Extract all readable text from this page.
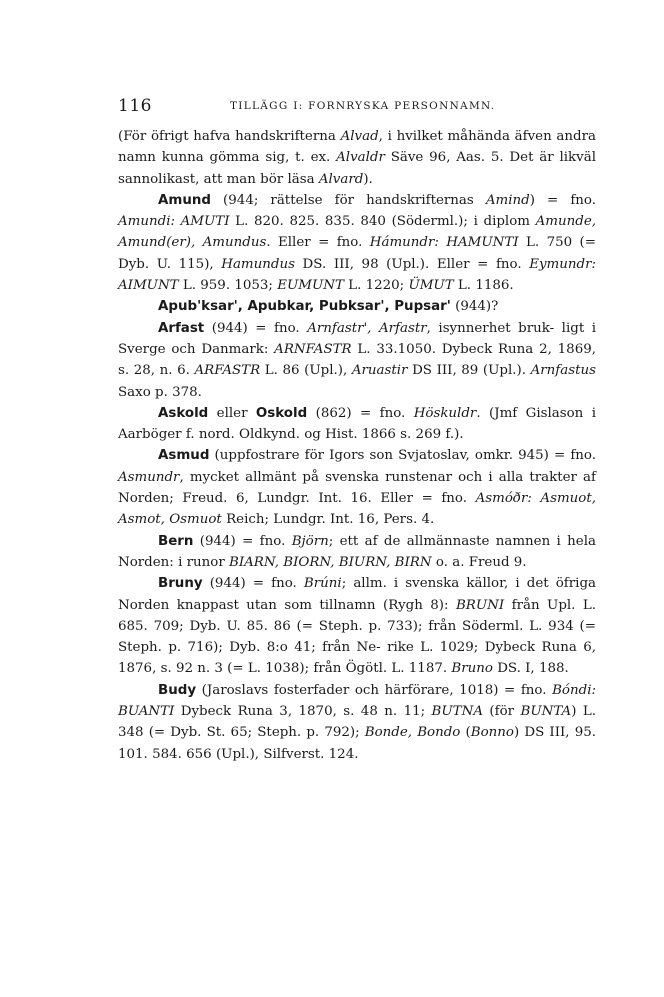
116	TILLÄGG I: FORNRYSKA PERSONNAMN.

(För öfrigt hafva handskrifterna Alvad, i hvilket måhända äfven andra namn kunna gömma sig, t. ex. Alvaldr Säve 96, Aas. 5. Det är likväl sannolikast, att man bör läsa Alvard).

Amund (944; rättelse för handskrifternas Amind) = fno. Amundi: AMUTI L. 820. 825. 835. 840 (Söderml.); i diplom Amunde, Amund(er), Amundus. Eller = fno. Hámundr: HAMUNTI L. 750 (= Dyb. U. 115), Hamundus DS. III, 98 (Upl.). Eller = fno. Eymundr: AIMUNT L. 959. 1053; EUMUNT L. 1220; ÜMUT L. 1186.

Apub'ksar', Apubkar, Pubksar', Pupsar' (944)?

Arfast (944) = fno. Arnfastr', Arfastr, isynnerhet bruk- ligt i Sverge och Danmark: ARNFASTR L. 33.1050. Dybeck Runa 2, 1869, s. 28, n. 6. ARFASTR L. 86 (Upl.), Aruastir DS III, 89 (Upl.). Arnfastus Saxo p. 378.

Askold eller Oskold (862) = fno. Höskuldr. (Jmf Gislason i Aarböger f. nord. Oldkynd. og Hist. 1866 s. 269 f.).

Asmud (uppfostrare för Igors son Svjatoslav, omkr. 945) = fno. Asmundr, mycket allmänt på svenska runstenar och i alla trakter af Norden; Freud. 6, Lundgr. Int. 16. Eller = fno. Asmóðr: Asmuot, Asmot, Osmuot Reich; Lundgr. Int. 16, Pers. 4.

Bern (944) = fno. Björn; ett af de allmännaste namnen i hela Norden: i runor BIARN, BIORN, BIURN, BIRN o. a. Freud 9.

Bruny (944) = fno. Brúni; allm. i svenska källor, i det öfriga Norden knappast utan som tillnamn (Rygh 8): BRUNI från Upl. L. 685. 709; Dyb. U. 85. 86 (= Steph. p. 733); från Söderml. L. 934 (= Steph. p. 716); Dyb. 8:o 41; från Ne- rike L. 1029; Dybeck Runa 6, 1876, s. 92 n. 3 (= L. 1038); från Ögötl. L. 1187. Bruno DS. I, 188.

Budy (Jaroslavs fosterfader och härförare, 1018) = fno. Bóndi: BUANTI Dybeck Runa 3, 1870, s. 48 n. 11; BUTNA (för BUNTA) L. 348 (= Dyb. St. 65; Steph. p. 792); Bonde, Bondo (Bonno) DS III, 95. 101. 584. 656 (Upl.), Silfverst. 124.
